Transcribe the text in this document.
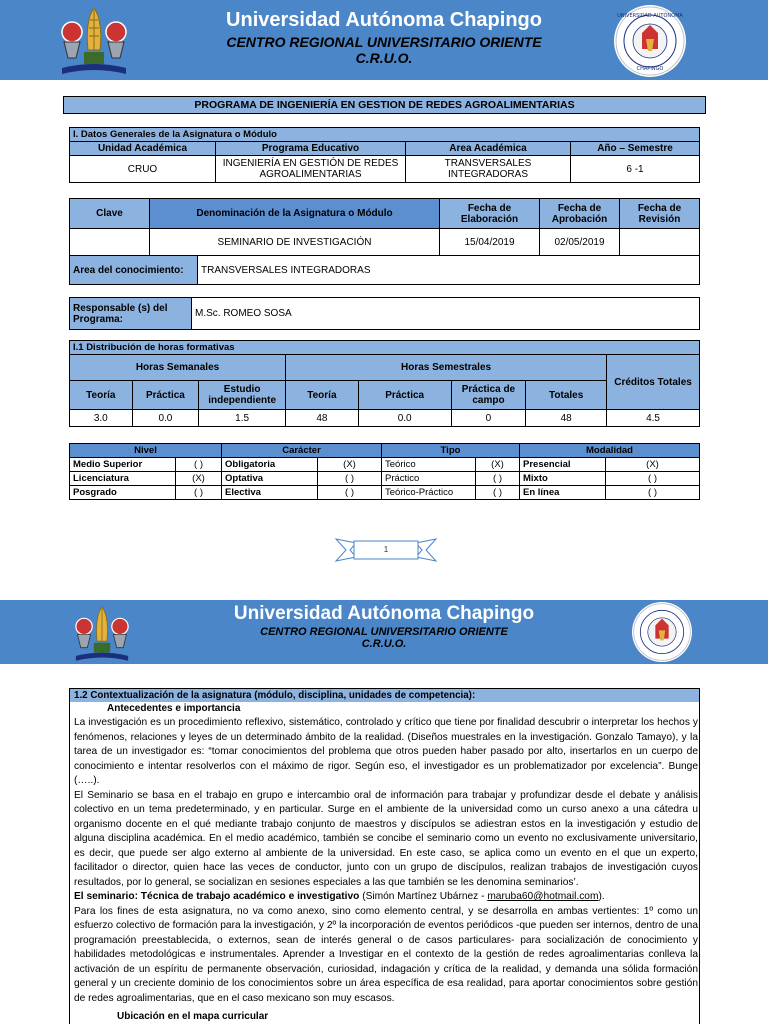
Universidad Autónoma Chapingo
CENTRO REGIONAL UNIVERSITARIO ORIENTE
C.R.U.O.
UNIVERSIDAD AUTÓNOMA
CHAPINGO
PROGRAMA DE INGENIERÍA EN GESTION DE REDES AGROALIMENTARIAS
I. Datos Generales de la Asignatura o Módulo			
Unidad Académica	Programa Educativo	Area Académica	Año – Semestre
CRUO	INGENIERÍA EN GESTIÓN DE REDES AGROALIMENTARIAS	TRANSVERSALES INTEGRADORAS	6 -1
Clave	Denominación de la Asignatura o Módulo	Fecha de Elaboración	Fecha de Aprobación	Fecha de Revisión
	SEMINARIO DE INVESTIGACIÓN	15/04/2019	02/05/2019	
Area del conocimiento:	TRANSVERSALES INTEGRADORAS
Responsable (s) del Programa:	M.Sc. ROMEO SOSA
I.1 Distribución de horas formativas							
Horas Semanales			Horas Semestrales				Créditos Totales
Teoría	Práctica	Estudio independiente	Teoría	Práctica	Práctica de campo	Totales	
3.0	0.0	1.5	48	0.0	0	48	4.5
Nivel		Carácter		Tipo		Modalidad	
Medio Superior	( )	Obligatoria	(X)	Teórico	(X)	Presencial	(X)
Licenciatura	(X)	Optativa	( )	Práctico	( )	Mixto	( )
Posgrado	( )	Electiva	( )	Teórico-Práctico	( )	En línea	( )
1
Universidad Autónoma Chapingo
CENTRO REGIONAL UNIVERSITARIO ORIENTE
C.R.U.O.
1.2 Contextualización de la asignatura (módulo, disciplina, unidades de competencia):
Antecedentes e importancia

La investigación es un procedimiento reflexivo, sistemático, controlado y crítico que tiene por finalidad descubrir o interpretar los hechos y fenómenos, relaciones y leyes de un determinado ámbito de la realidad. (Diseños muestrales en la investigación. Gonzalo Tamayo), y la tarea de un investigador es: “tomar conocimientos del problema que otros pueden haber pasado por alto, insertarlos en un cuerpo de conocimiento e intentar resolverlos con el máximo de rigor. Según eso, el investigador es un problematizador por excelencia”. Bunge (…..).

El Seminario se basa en el trabajo en grupo e intercambio oral de información para trabajar y profundizar desde el debate y análisis colectivo en un tema predeterminado, y en particular. Surge en el ambiente de la universidad como un curso anexo a una cátedra u organismo docente en el qué mediante trabajo conjunto de maestros y discípulos se adiestran estos en la investigación y estudio de alguna disciplina académica. En el medio académico, también se concibe el seminario como un evento no exclusivamente universitario, es decir, que puede ser algo externo al ambiente de la universidad. En este caso, se aplica como un evento en el que un experto, facilitador o director, quien hace las veces de conductor, junto con un grupo de discípulos, realizan trabajos de investigación cuyos resultados, por lo general, se socializan en sesiones especiales a las que también se les denomina seminarios’.

El seminario: Técnica de trabajo académico e investigativo (Simón Martínez Ubárnez - maruba60@hotmail.com).

Para los fines de esta asignatura, no va como anexo, sino como elemento central, y se desarrolla en ambas vertientes: 1º como un esfuerzo colectivo de formación para la investigación, y 2º la incorporación de eventos periódicos -que pueden ser internos, dentro de una programación preestablecida, o externos, sean de interés general o de casos particulares- para socialización de conocimiento y habilidades metodológicas e instrumentales. Aprender a Investigar en el contexto de la gestión de redes agroalimentarias conlleva la activación de un espíritu de permanente observación, curiosidad, indagación y crítica de la realidad, y demanda una sólida formación general y un creciente dominio de los conocimientos sobre un área específica de esa realidad, para aportar conocimientos sobre gestión de redes agroalimentarias, que en el caso mexicano son muy escasos.

Ubicación en el mapa curricular
